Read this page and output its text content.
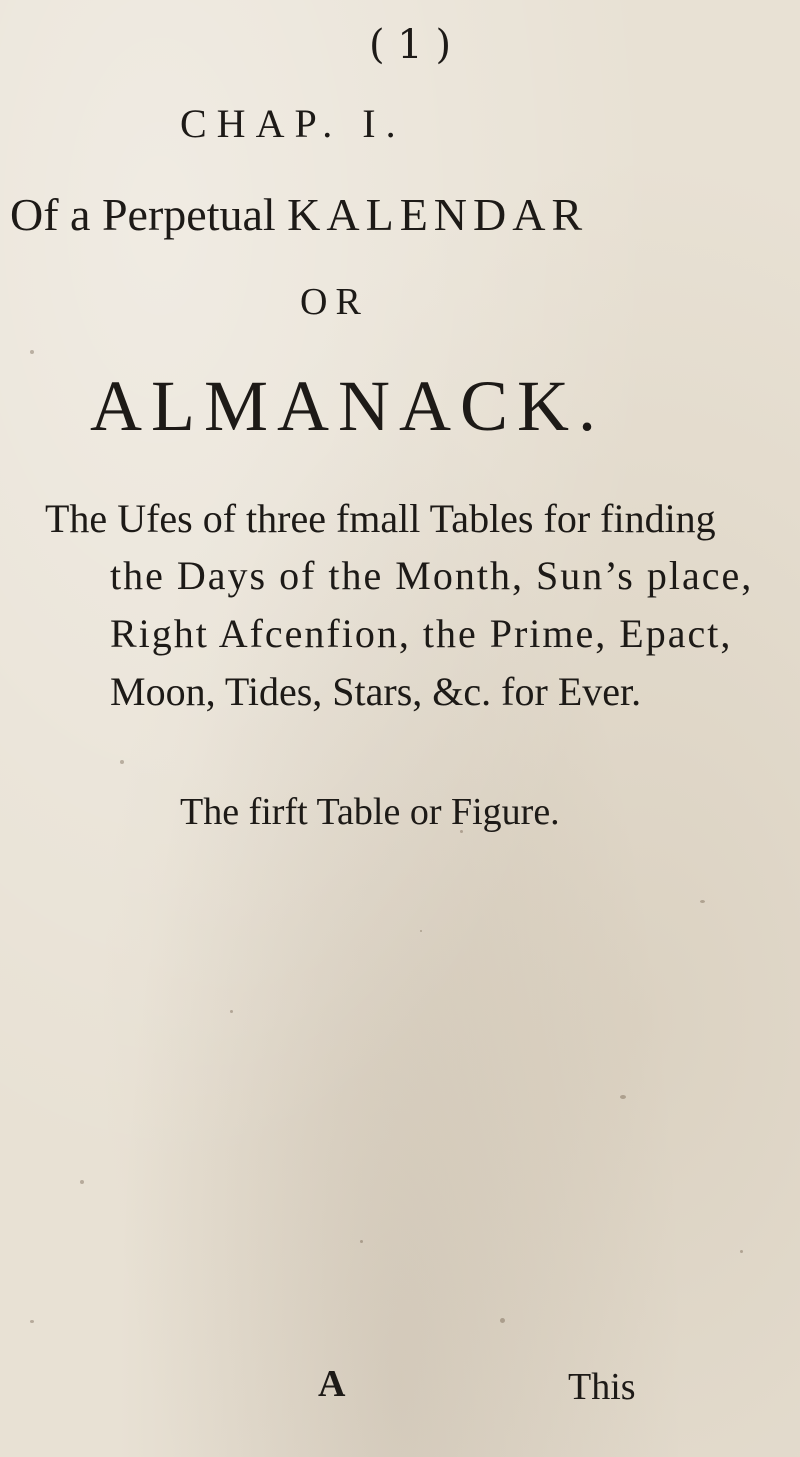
( 1 )
CHAP. I.
Of a Perpetual KALENDAR
OR
ALMANACK.
The Ufes of three fmall Tables for finding
the Days of the Month, Sun’s place,
Right Afcenfion, the Prime, Epact,
Moon, Tides, Stars, &c. for Ever.
The firft Table or Figure.
A	This
